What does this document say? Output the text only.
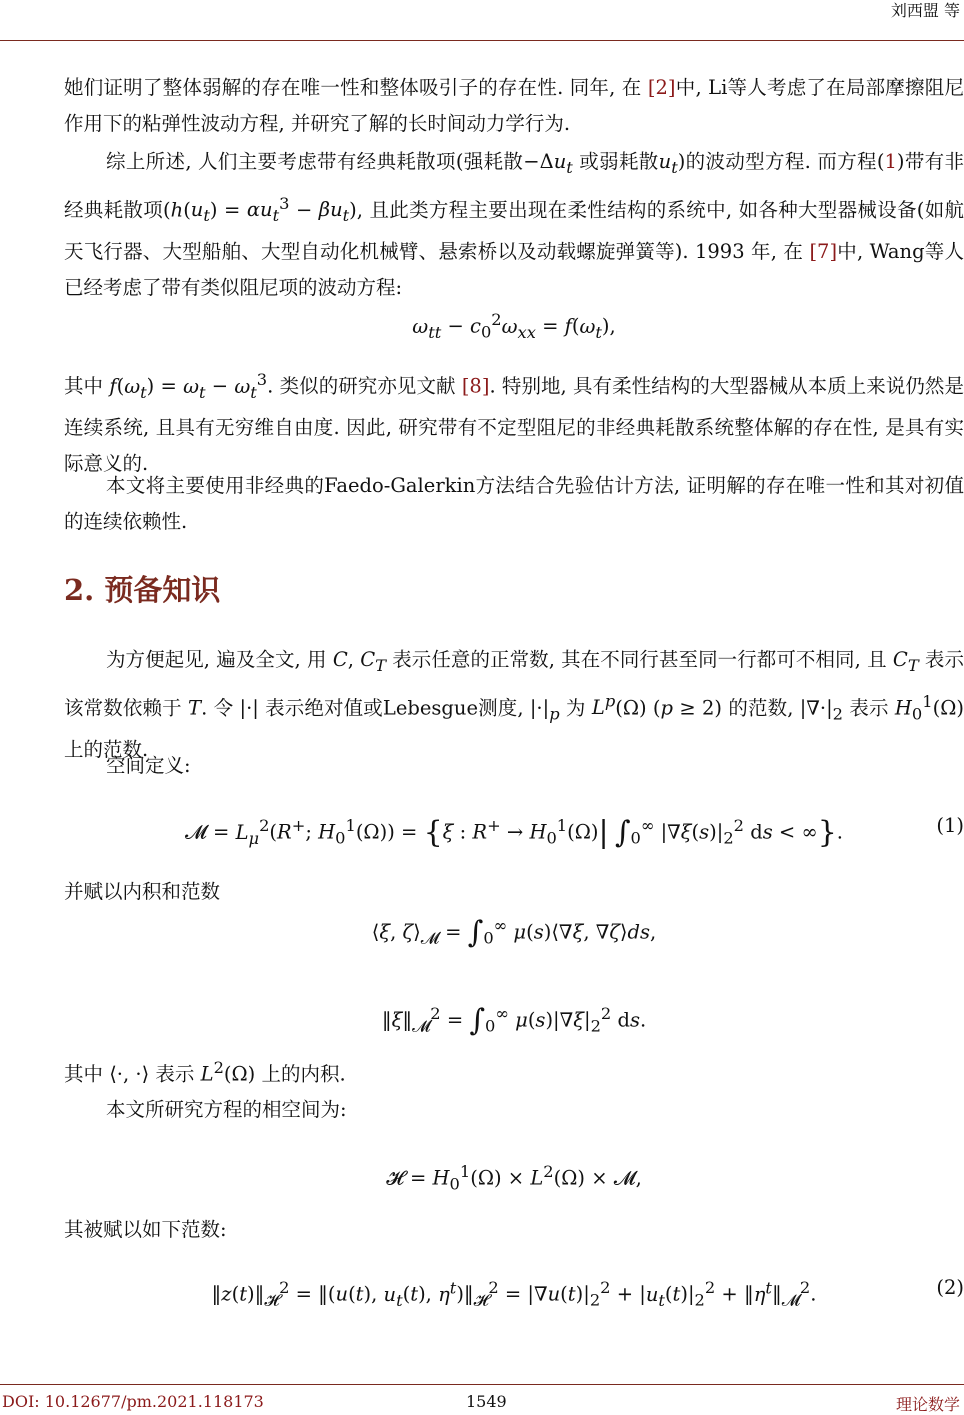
刘西盟 等
她们证明了整体弱解的存在唯一性和整体吸引子的存在性. 同年, 在 [2]中, Li等人考虑了在局部摩擦阻尼作用下的粘弹性波动方程, 并研究了解的长时间动力学行为.
综上所述, 人们主要考虑带有经典耗散项(强耗散$-\Delta u_t$ 或弱耗散$u_t$)的波动型方程. 而方程(1)带有非经典耗散项$(h(u_t) = \alpha u_t^3 - \beta u_t)$, 且此类方程主要出现在柔性结构的系统中, 如各种大型器械设备(如航天飞行器、大型船舶、大型自动化机械臂、悬索桥以及动载螺旋弹簧等). 1993 年, 在 [7]中, Wang等人已经考虑了带有类似阻尼项的波动方程:
$\omega_{tt} - c_0^2\omega_{xx} = f(\omega_t)$,
其中 $f(\omega_t) = \omega_t - \omega_t^3$. 类似的研究亦见文献 [8]. 特别地, 具有柔性结构的大型器械从本质上来说仍然是连续系统, 且具有无穷维自由度. 因此, 研究带有不定型阻尼的非经典耗散系统整体解的存在性, 是具有实际意义的.
本文将主要使用非经典的Faedo-Galerkin方法结合先验估计方法, 证明解的存在唯一性和其对初值的连续依赖性.
2. 预备知识
为方便起见, 遍及全文, 用 C, $C_T$ 表示任意的正常数, 其在不同行甚至同一行都可不相同, 且 $C_T$ 表示该常数依赖于 T. 令 |·| 表示绝对值或Lebesgue测度, $|\cdot|_p$ 为 $L^p(\Omega) (p \ge 2)$ 的范数, $|\nabla\cdot|_2$ 表示 $H_0^1(\Omega)$ 上的范数.
空间定义:
𝓜 = $L_\mu^2(R^+$; $H_0^1(\Omega)) = \{\xi$ : $R^+ \to H_0^1(\Omega)|$ $\int_0^\infty$ $|\nabla\xi(s)|_2^2$ ds < ∞}.	(1)
并赋以内积和范数
⟨ξ, $\zeta⟩_𝓜 = \int_0^\infty$ μ(s)⟨∇ξ, ∇ζ⟩ds,
$‖\xi‖_𝓜^2 = \int_0^\infty$ $\mu(s)|\nabla\xi|_2^2$ ds.
其中 ⟨·, ·⟩ 表示 $L^2(\Omega)$ 上的内积.
本文所研究方程的相空间为:
𝓗 = $H_0^1(\Omega) \times L^2(\Omega)$ × 𝓜,
其被赋以如下范数:
$‖z(t)‖_𝓗^2$ = ‖(u(t), $u_t(t)$, $\eta^t)‖_𝓗^2 = |\nabla u(t)|_2^2 + |u_t(t)|_2^2$ + $‖\eta^t‖_𝓜^2$.	(2)
DOI: 10.12677/pm.2021.118173	1549	理论数学
